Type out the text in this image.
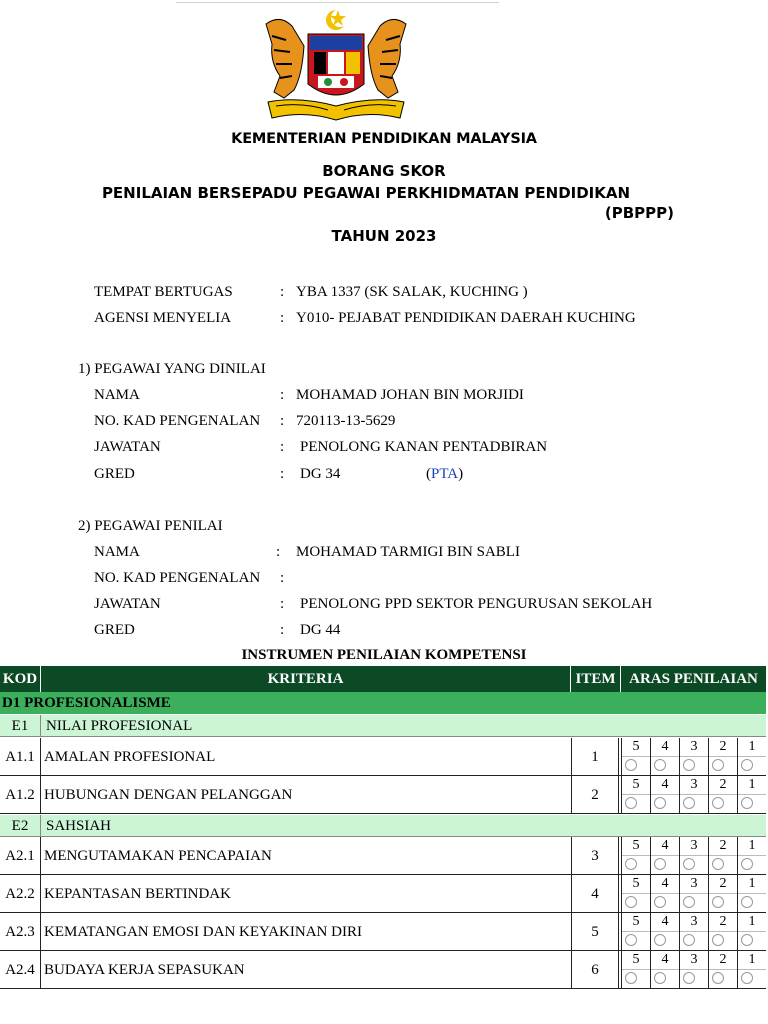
KEMENTERIAN PENDIDIKAN MALAYSIA
BORANG SKOR
PENILAIAN BERSEPADU PEGAWAI PERKHIDMATAN PENDIDIKAN
(PBPPP)
TAHUN 2023
TEMPAT BERTUGAS	: YBA 1337 (SK SALAK, KUCHING )
AGENSI MENYELIA	: Y010- PEJABAT PENDIDIKAN DAERAH KUCHING
1) PEGAWAI YANG DINILAI
NAMA	: MOHAMAD JOHAN BIN MORJIDI
NO. KAD PENGENALAN : 720113-13-5629
JAWATAN	: PENOLONG KANAN PENTADBIRAN
GRED	: DG 34	(PTA)
2) PEGAWAI PENILAI
NAMA	: MOHAMAD TARMIGI BIN SABLI
NO. KAD PENGENALAN :
JAWATAN	: PENOLONG PPD SEKTOR PENGURUSAN SEKOLAH
GRED	: DG 44
INSTRUMEN PENILAIAN KOMPETENSI
KOD	KRITERIA	ITEM ARAS PENILAIAN
D1 PROFESIONALISME
E1	NILAI PROFESIONAL
A1.1 AMALAN PROFESIONAL	1
5	4	3	2	1
A1.2 HUBUNGAN DENGAN PELANGGAN	2
5	4	3	2	1
E2	SAHSIAH
A2.1 MENGUTAMAKAN PENCAPAIAN	3
5	4	3	2	1
A2.2 KEPANTASAN BERTINDAK	4
5	4	3	2	1
A2.3 KEMATANGAN EMOSI DAN KEYAKINAN DIRI	5
5	4	3	2	1
A2.4 BUDAYA KERJA SEPASUKAN	6
5	4	3	2	1
